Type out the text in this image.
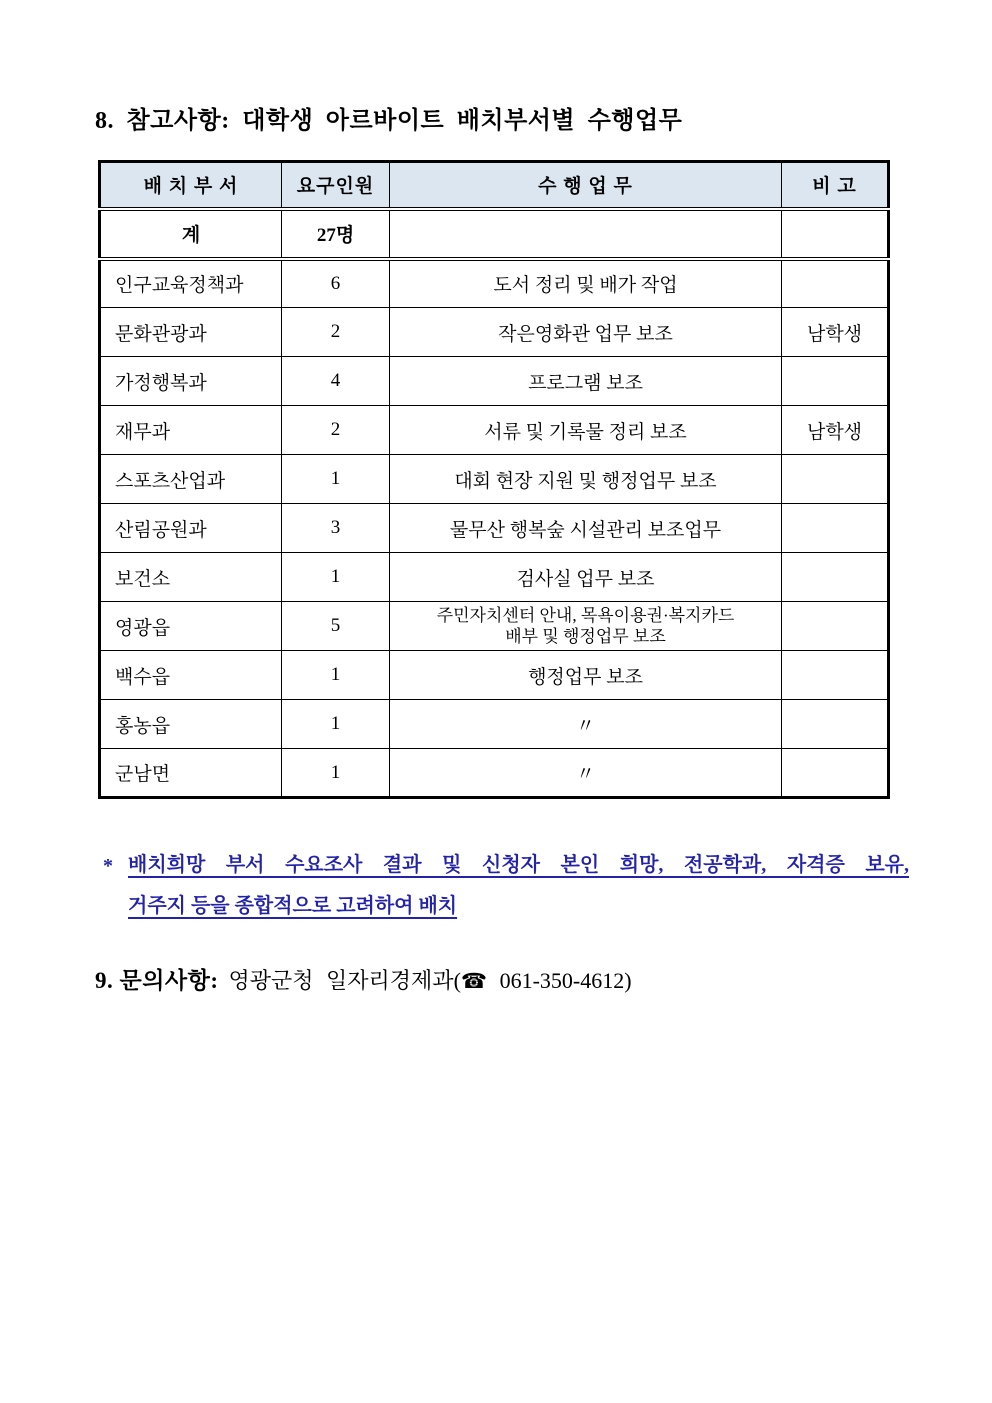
8. 참고사항: 대학생 아르바이트 배치부서별 수행업무
배 치 부 서	요구인원	수 행 업 무	비 고
계	27명		
인구교육정책과	6	도서 정리 및 배가 작업	
문화관광과	2	작은영화관 업무 보조	남학생
가정행복과	4	프로그램 보조	
재무과	2	서류 및 기록물 정리 보조	남학생
스포츠산업과	1	대회 현장 지원 및 행정업무 보조	
산림공원과	3	물무산 행복숲 시설관리 보조업무	
보건소	1	검사실 업무 보조	
영광읍	5	주민자치센터 안내, 목욕이용권·복지카드
배부 및 행정업무 보조	

백수읍	1	행정업무 보조	
홍농읍	1	〃	
군남면	1	〃	
* 배치희망 부서 수요조사 결과 및 신청자 본인 희망, 전공학과, 자격증 보유,
거주지 등을 종합적으로 고려하여 배치
9. 문의사항: 영광군청 일자리경제과(☎ 061-350-4612)
